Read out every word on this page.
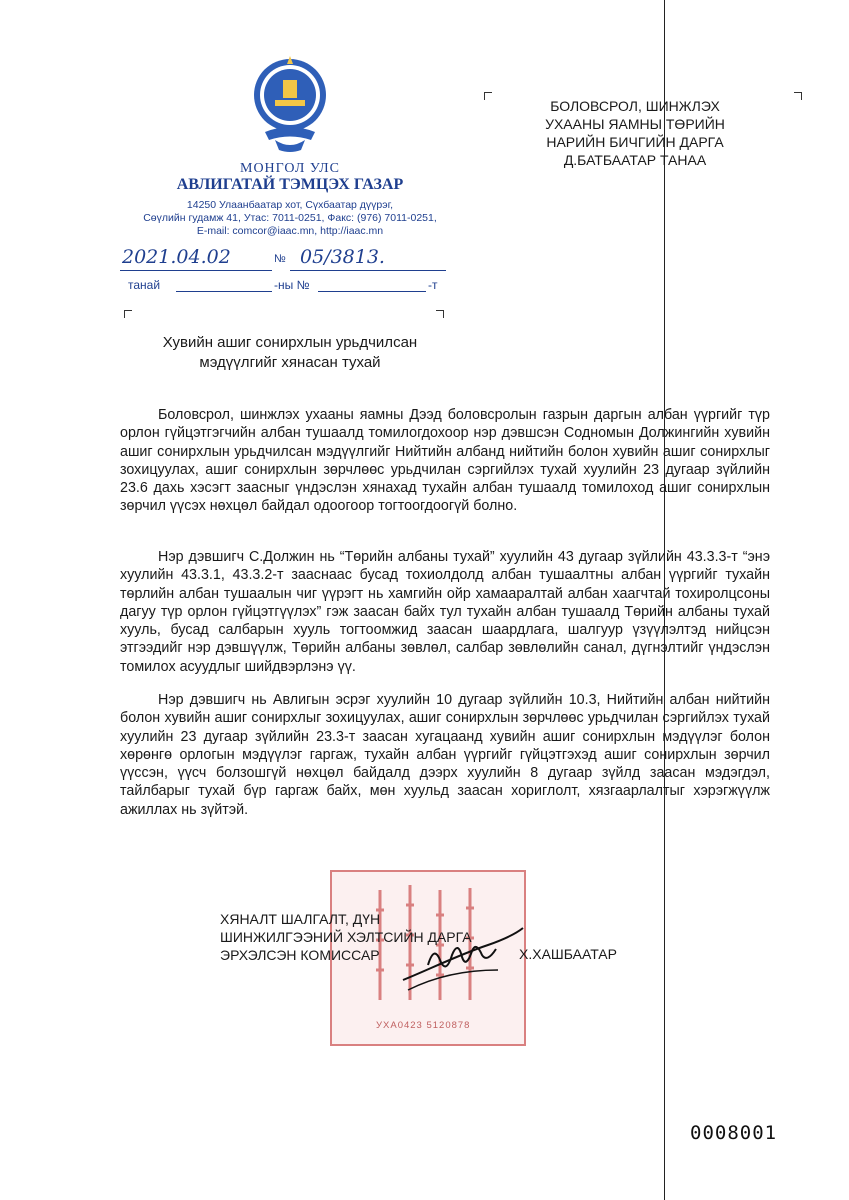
МОНГОЛ УЛС
АВЛИГАТАЙ ТЭМЦЭХ ГАЗАР
14250 Улаанбаатар хот, Сүхбаатар дүүрэг,
Сөүлийн гудамж 41, Утас: 7011-0251, Факс: (976) 7011-0251,
E-mail: comcor@iaac.mn, http://iaac.mn
2021.04.02	№ 05/3813.
танай	-ны №	-т
БОЛОВСРОЛ, ШИНЖЛЭХ
УХААНЫ ЯАМНЫ ТӨРИЙН
НАРИЙН БИЧГИЙН ДАРГА
Д.БАТБААТАР ТАНАА
Хувийн ашиг сонирхлын урьдчилсан
мэдүүлгийг хянасан тухай

Боловсрол, шинжлэх ухааны яамны Дээд боловсролын газрын даргын албан үүргийг түр орлон гүйцэтгэгчийн албан тушаалд томилогдохоор нэр дэвшсэн Содномын Должингийн хувийн ашиг сонирхлын урьдчилсан мэдүүлгийг Нийтийн албанд нийтийн болон хувийн ашиг сонирхлыг зохицуулах, ашиг сонирхлын зөрчлөөс урьдчилан сэргийлэх тухай хуулийн 23 дугаар зүйлийн 23.6 дахь хэсэгт заасныг үндэслэн хянахад тухайн албан тушаалд томилоход ашиг сонирхлын зөрчил үүсэх нөхцөл байдал одоогоор тогтоогдоогүй болно.

Нэр дэвшигч С.Должин нь “Төрийн албаны тухай” хуулийн 43 дугаар зүйлийн 43.3.3-т “энэ хуулийн 43.3.1, 43.3.2-т зааснаас бусад тохиолдолд албан тушаалтны албан үүргийг тухайн төрлийн албан тушаалын чиг үүрэгт нь хамгийн ойр хамааралтай албан хаагчтай тохиролцсоны дагуу түр орлон гүйцэтгүүлэх” гэж заасан байх тул тухайн албан тушаалд Төрийн албаны тухай хууль, бусад салбарын хууль тогтоомжид заасан шаардлага, шалгуур үзүүлэлтэд нийцсэн этгээдийг нэр дэвшүүлж, Төрийн албаны зөвлөл, салбар зөвлөлийн санал, дүгнэлтийг үндэслэн томилох асуудлыг шийдвэрлэнэ үү.

Нэр дэвшигч нь Авлигын эсрэг хуулийн 10 дугаар зүйлийн 10.3, Нийтийн албан нийтийн болон хувийн ашиг сонирхлыг зохицуулах, ашиг сонирхлын зөрчлөөс урьдчилан сэргийлэх тухай хуулийн 23 дугаар зүйлийн 23.3-т заасан хугацаанд хувийн ашиг сонирхлын мэдүүлэг болон хөрөнгө орлогын мэдүүлэг гаргаж, тухайн албан үүргийг гүйцэтгэхэд ашиг сонирхлын зөрчил үүссэн, үүсч болзошгүй нөхцөл байдалд дээрх хуулийн 8 дугаар зүйлд заасан мэдэгдэл, тайлбарыг тухай бүр гаргаж байх, мөн хуульд заасан хориглолт, хязгаарлалтыг хэрэгжүүлж ажиллах нь зүйтэй.

УХА0423 5120878
ХЯНАЛТ ШАЛГАЛТ, ДҮН
ШИНЖИЛГЭЭНИЙ ХЭЛТСИЙН ДАРГА
ЭРХЭЛСЭН КОМИССАР	Х.ХАШБААТАР
0008001
